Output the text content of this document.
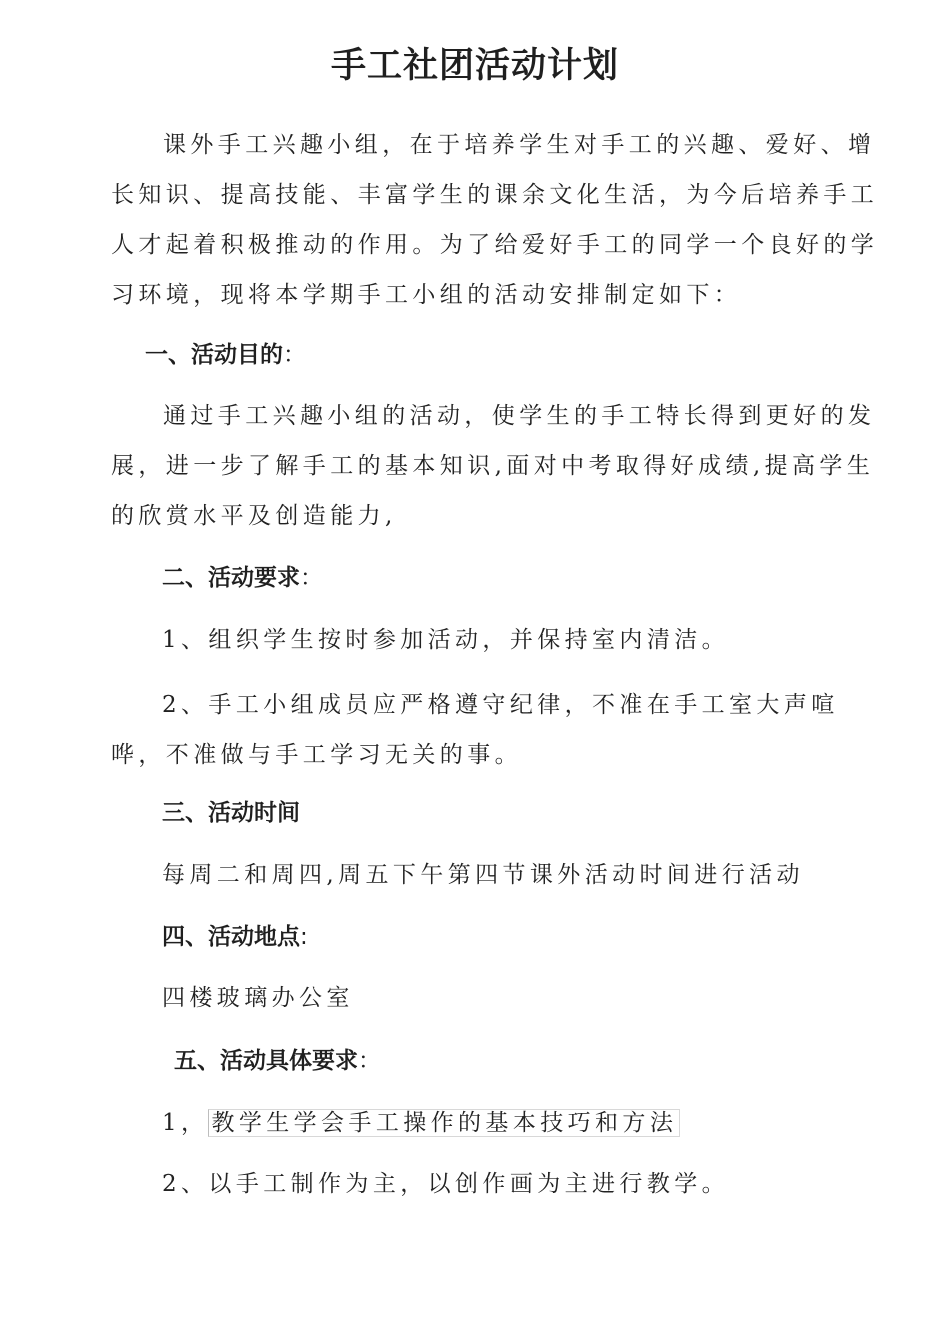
手工社团活动计划

课外手工兴趣小组，在于培养学生对手工的兴趣、爱好、增长知识、提高技能、丰富学生的课余文化生活，为今后培养手工人才起着积极推动的作用。为了给爱好手工的同学一个良好的学习环境，现将本学期手工小组的活动安排制定如下：

一、活动目的：

通过手工兴趣小组的活动，使学生的手工特长得到更好的发展，进一步了解手工的基本知识,面对中考取得好成绩,提高学生的欣赏水平及创造能力,

二、活动要求：

1、组织学生按时参加活动，并保持室内清洁。

2、手工小组成员应严格遵守纪律，不准在手工室大声喧哗，不准做与手工学习无关的事。

三、活动时间

每周二和周四,周五下午第四节课外活动时间进行活动

四、活动地点:

四楼玻璃办公室

五、活动具体要求：

1， 教学生学会手工操作的基本技巧和方法

2、以手工制作为主，以创作画为主进行教学。
